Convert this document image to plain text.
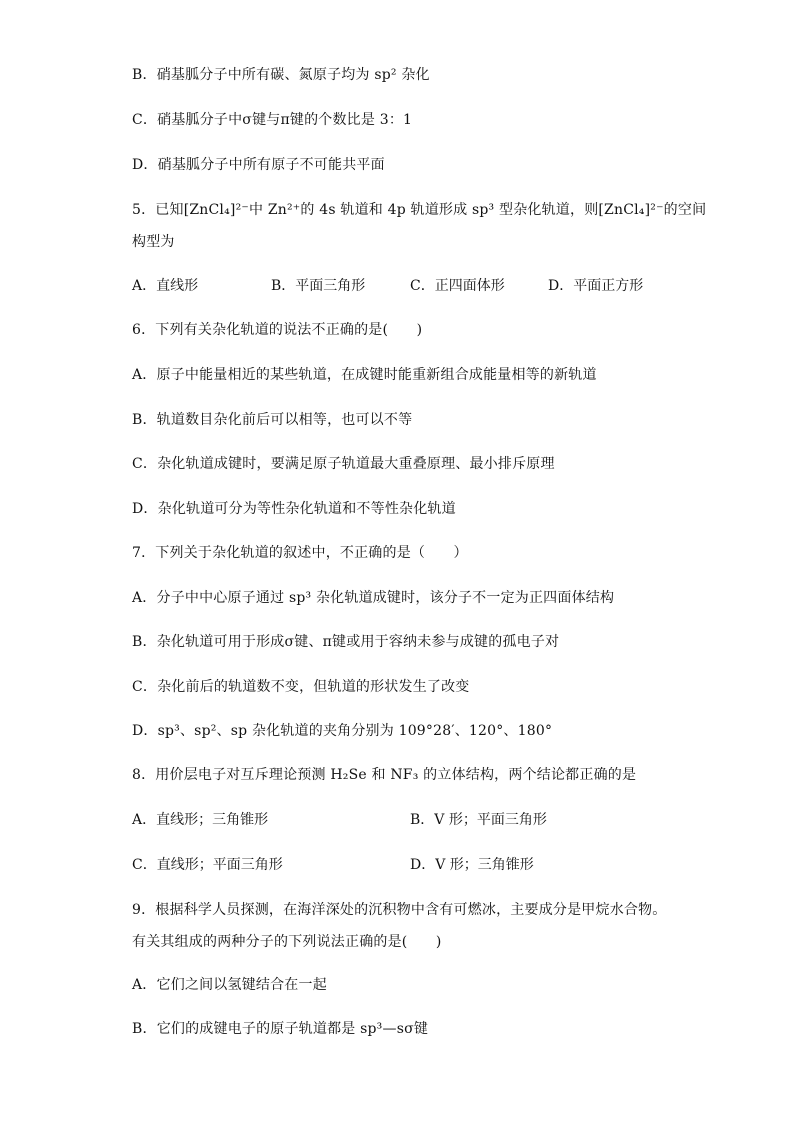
B．硝基胍分子中所有碳、氮原子均为 sp² 杂化
C．硝基胍分子中σ键与π键的个数比是 3：1
D．硝基胍分子中所有原子不可能共平面
5．已知[ZnCl₄]²⁻中 Zn²⁺的 4s 轨道和 4p 轨道形成 sp³ 型杂化轨道，则[ZnCl₄]²⁻的空间
构型为
A．直线形	B．平面三角形	C．正四面体形	D．平面正方形
6．下列有关杂化轨道的说法不正确的是(　　)
A．原子中能量相近的某些轨道，在成键时能重新组合成能量相等的新轨道
B．轨道数目杂化前后可以相等，也可以不等
C．杂化轨道成键时，要满足原子轨道最大重叠原理、最小排斥原理
D．杂化轨道可分为等性杂化轨道和不等性杂化轨道
7．下列关于杂化轨道的叙述中，不正确的是（　　）
A．分子中中心原子通过 sp³ 杂化轨道成键时，该分子不一定为正四面体结构
B．杂化轨道可用于形成σ键、π键或用于容纳未参与成键的孤电子对
C．杂化前后的轨道数不变，但轨道的形状发生了改变
D．sp³、sp²、sp 杂化轨道的夹角分别为 109°28′、120°、180°
8．用价层电子对互斥理论预测 H₂Se 和 NF₃ 的立体结构，两个结论都正确的是
A．直线形；三角锥形	B．V 形；平面三角形
C．直线形；平面三角形	D．V 形；三角锥形
9．根据科学人员探测，在海洋深处的沉积物中含有可燃冰，主要成分是甲烷水合物。
有关其组成的两种分子的下列说法正确的是(　　)
A．它们之间以氢键结合在一起
B．它们的成键电子的原子轨道都是 sp³—sσ键
